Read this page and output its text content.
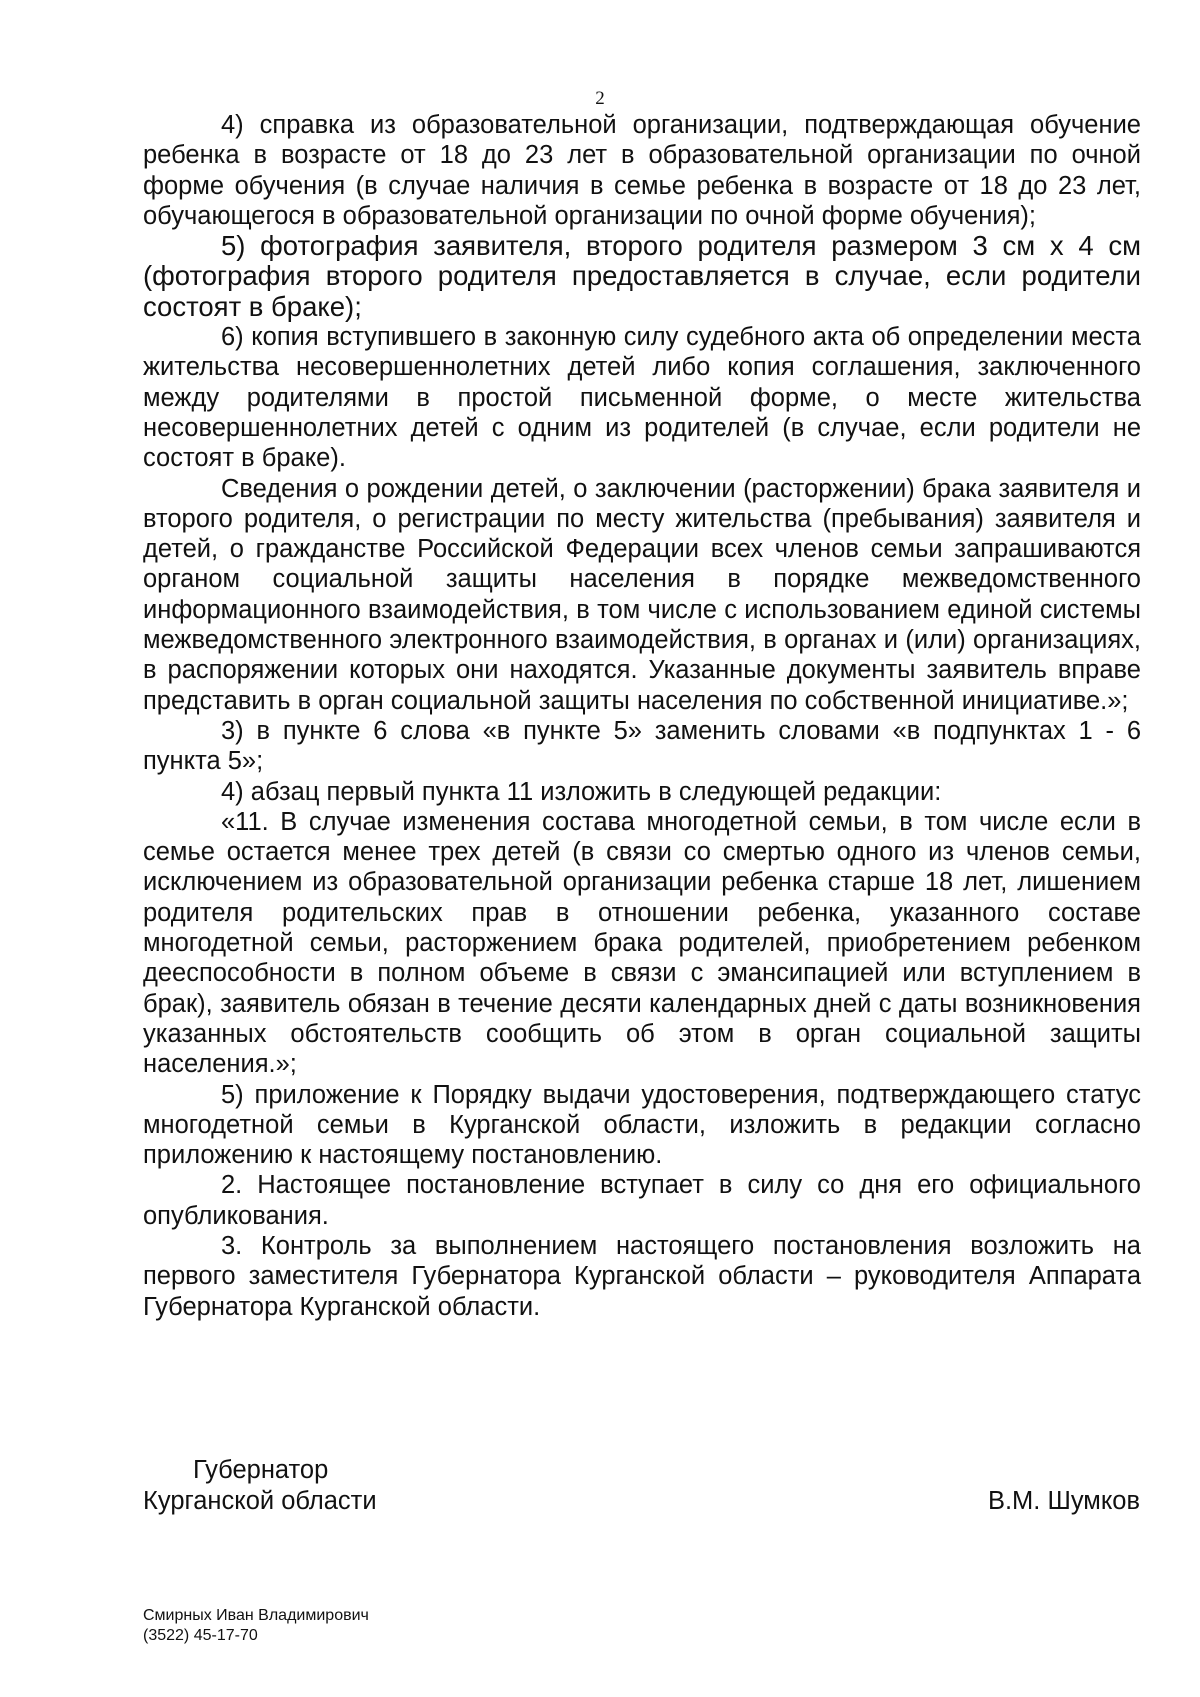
2

4) справка из образовательной организации, подтверждающая обучение ребенка в возрасте от 18 до 23 лет в образовательной организации по очной форме обучения (в случае наличия в семье ребенка в возрасте от 18 до 23 лет, обучающегося в образовательной организации по очной форме обучения);

5) фотография заявителя, второго родителя размером 3 см х 4 см (фотография второго родителя предоставляется в случае, если родители состоят в браке);

6) копия вступившего в законную силу судебного акта об определении места жительства несовершеннолетних детей либо копия соглашения, заключенного между родителями в простой письменной форме, о месте жительства несовершеннолетних детей с одним из родителей (в случае, если родители не состоят в браке).

Сведения о рождении детей, о заключении (расторжении) брака заявителя и второго родителя, о регистрации по месту жительства (пребывания) заявителя и детей, о гражданстве Российской Федерации всех членов семьи запрашиваются органом социальной защиты населения в порядке межведомственного информационного взаимодействия, в том числе с использованием единой системы межведомственного электронного взаимодействия, в органах и (или) организациях, в распоряжении которых они находятся. Указанные документы заявитель вправе представить в орган социальной защиты населения по собственной инициативе.»;

3) в пункте 6 слова «в пункте 5» заменить словами «в подпунктах 1 - 6 пункта 5»;

4) абзац первый пункта 11 изложить в следующей редакции:

«11. В случае изменения состава многодетной семьи, в том числе если в семье остается менее трех детей (в связи со смертью одного из членов семьи, исключением из образовательной организации ребенка старше 18 лет, лишением родителя родительских прав в отношении ребенка, указанного составе многодетной семьи, расторжением брака родителей, приобретением ребенком дееспособности в полном объеме в связи с эмансипацией или вступлением в брак), заявитель обязан в течение десяти календарных дней с даты возникновения указанных обстоятельств сообщить об этом в орган социальной защиты населения.»;

5) приложение к Порядку выдачи удостоверения, подтверждающего статус многодетной семьи в Курганской области, изложить в редакции согласно приложению к настоящему постановлению.

2. Настоящее постановление вступает в силу со дня его официального опубликования.

3. Контроль за выполнением настоящего постановления возложить на первого заместителя Губернатора Курганской области – руководителя Аппарата Губернатора Курганской области.

Губернатор
Курганской области	В.М. Шумков
Смирных Иван Владимирович
(3522) 45-17-70
